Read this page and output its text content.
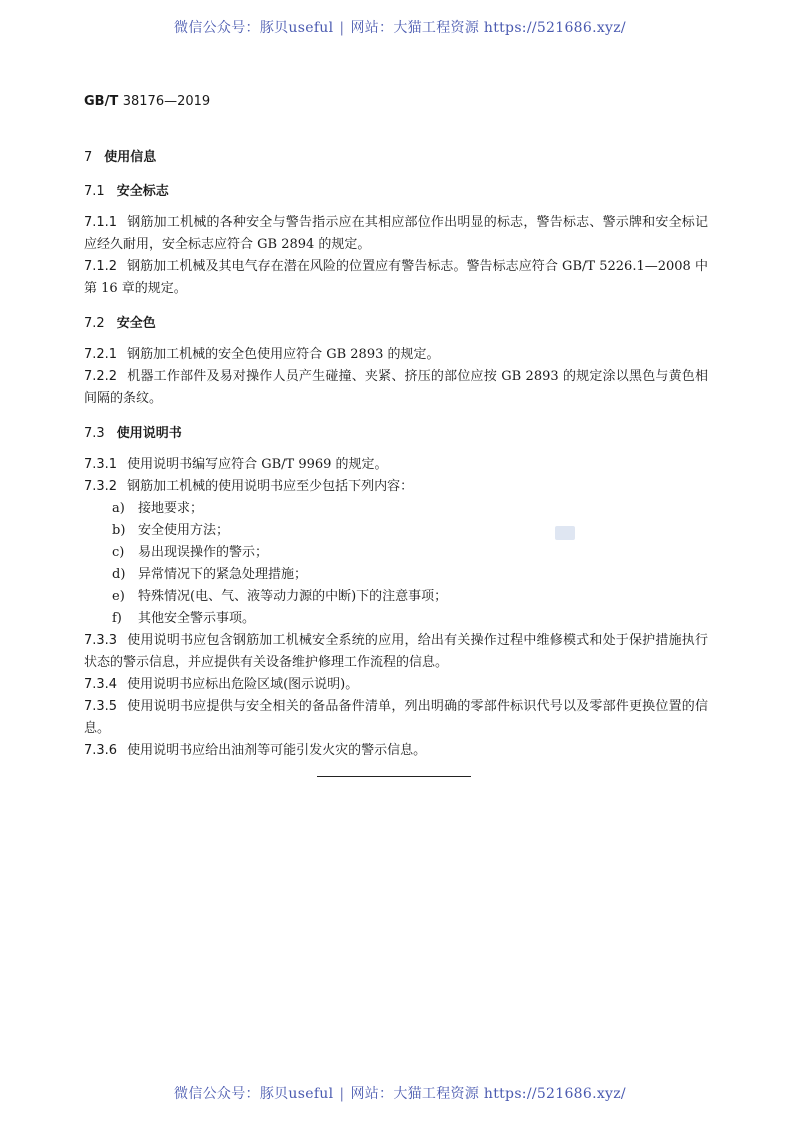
微信公众号：豚贝useful | 网站：大猫工程资源 https://521686.xyz/
GB/T 38176—2019

7 使用信息

7.1 安全标志

7.1.1 钢筋加工机械的各种安全与警告指示应在其相应部位作出明显的标志，警告标志、警示牌和安全标记应经久耐用，安全标志应符合 GB 2894 的规定。

7.1.2 钢筋加工机械及其电气存在潜在风险的位置应有警告标志。警告标志应符合 GB/T 5226.1—2008 中第 16 章的规定。

7.2 安全色

7.2.1 钢筋加工机械的安全色使用应符合 GB 2893 的规定。

7.2.2 机器工作部件及易对操作人员产生碰撞、夹紧、挤压的部位应按 GB 2893 的规定涂以黑色与黄色相间隔的条纹。

7.3 使用说明书

7.3.1 使用说明书编写应符合 GB/T 9969 的规定。

7.3.2 钢筋加工机械的使用说明书应至少包括下列内容：

a) 接地要求；
b) 安全使用方法；
c) 易出现误操作的警示；
d) 异常情况下的紧急处理措施；
e) 特殊情况(电、气、液等动力源的中断)下的注意事项；
f) 其他安全警示事项。

7.3.3 使用说明书应包含钢筋加工机械安全系统的应用，给出有关操作过程中维修模式和处于保护措施执行状态的警示信息，并应提供有关设备维护修理工作流程的信息。

7.3.4 使用说明书应标出危险区域(图示说明)。

7.3.5 使用说明书应提供与安全相关的备品备件清单，列出明确的零部件标识代号以及零部件更换位置的信息。

7.3.6 使用说明书应给出油剂等可能引发火灾的警示信息。

微信公众号：豚贝useful | 网站：大猫工程资源 https://521686.xyz/
